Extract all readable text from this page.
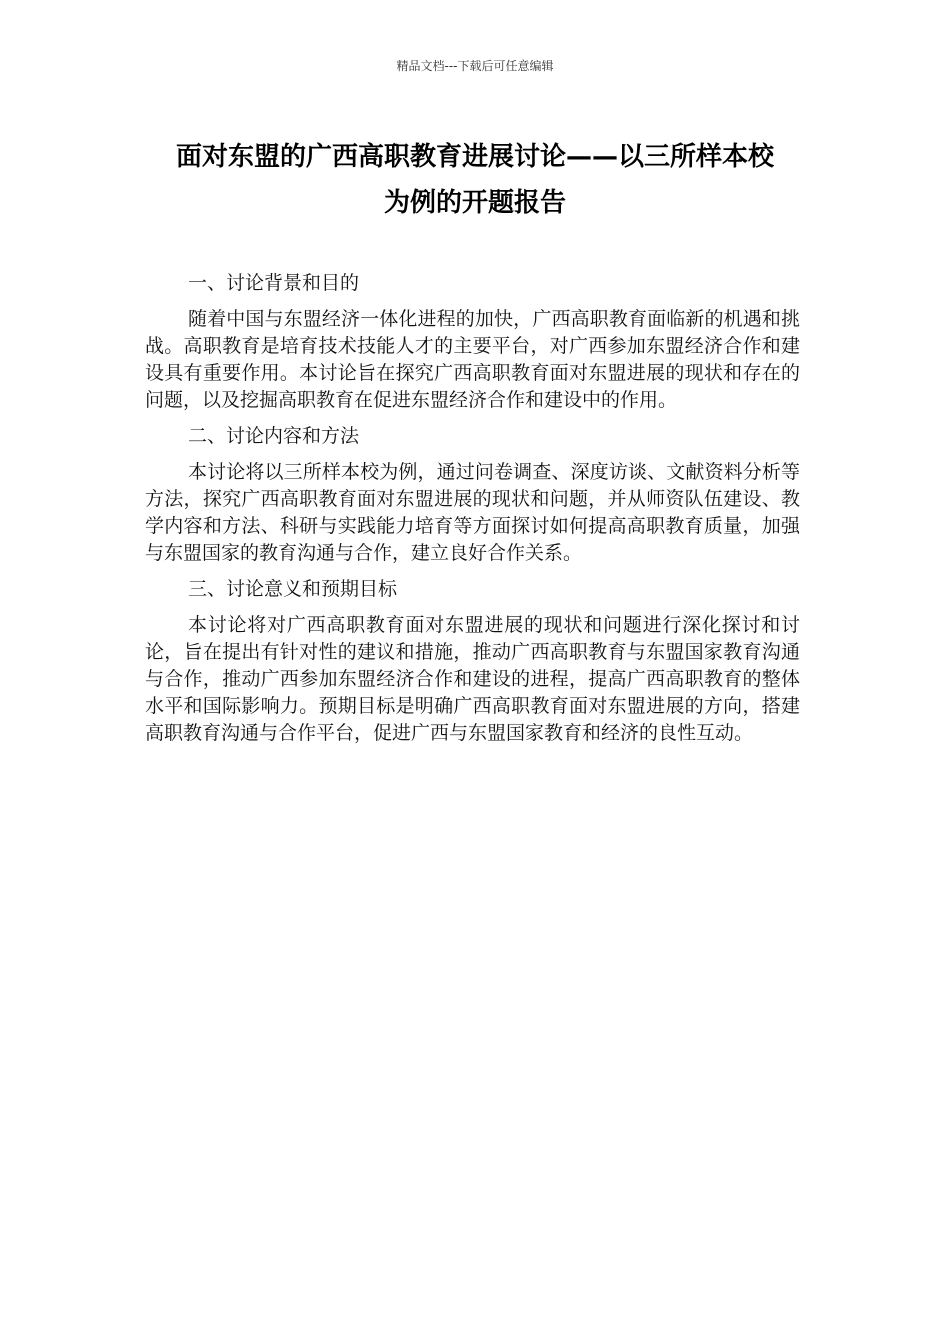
精品文档---下载后可任意编辑
面对东盟的广西高职教育进展讨论——以三所样本校
为例的开题报告
一、讨论背景和目的
随着中国与东盟经济一体化进程的加快，广西高职教育面临新的机遇和挑战。高职教育是培育技术技能人才的主要平台，对广西参加东盟经济合作和建设具有重要作用。本讨论旨在探究广西高职教育面对东盟进展的现状和存在的问题，以及挖掘高职教育在促进东盟经济合作和建设中的作用。
二、讨论内容和方法
本讨论将以三所样本校为例，通过问卷调查、深度访谈、文献资料分析等方法，探究广西高职教育面对东盟进展的现状和问题，并从师资队伍建设、教学内容和方法、科研与实践能力培育等方面探讨如何提高高职教育质量，加强与东盟国家的教育沟通与合作，建立良好合作关系。
三、讨论意义和预期目标
本讨论将对广西高职教育面对东盟进展的现状和问题进行深化探讨和讨论，旨在提出有针对性的建议和措施，推动广西高职教育与东盟国家教育沟通与合作，推动广西参加东盟经济合作和建设的进程，提高广西高职教育的整体水平和国际影响力。预期目标是明确广西高职教育面对东盟进展的方向，搭建高职教育沟通与合作平台，促进广西与东盟国家教育和经济的良性互动。
